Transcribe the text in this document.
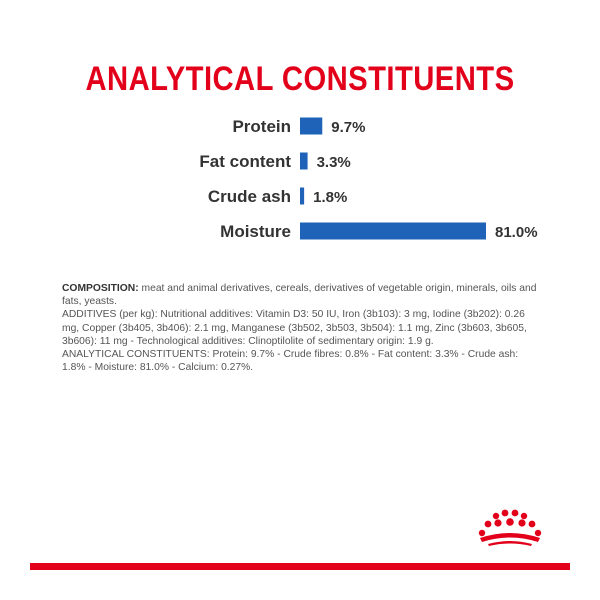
ANALYTICAL CONSTITUENTS
Protein	9.7%
Fat content 3.3%
Crude ash 1.8%
Moisture	81.0%

COMPOSITION: meat and animal derivatives, cereals, derivatives of vegetable origin, minerals, oils and fats, yeasts.

ADDITIVES (per kg): Nutritional additives: Vitamin D3: 50 IU, Iron (3b103): 3 mg, Iodine (3b202): 0.26 mg, Copper (3b405, 3b406): 2.1 mg, Manganese (3b502, 3b503, 3b504): 1.1 mg, Zinc (3b603, 3b605, 3b606): 11 mg - Technological additives: Clinoptilolite of sedimentary origin: 1.9 g.

ANALYTICAL CONSTITUENTS: Protein: 9.7% - Crude fibres: 0.8% - Fat content: 3.3% - Crude ash: 1.8% - Moisture: 81.0% - Calcium: 0.27%.
